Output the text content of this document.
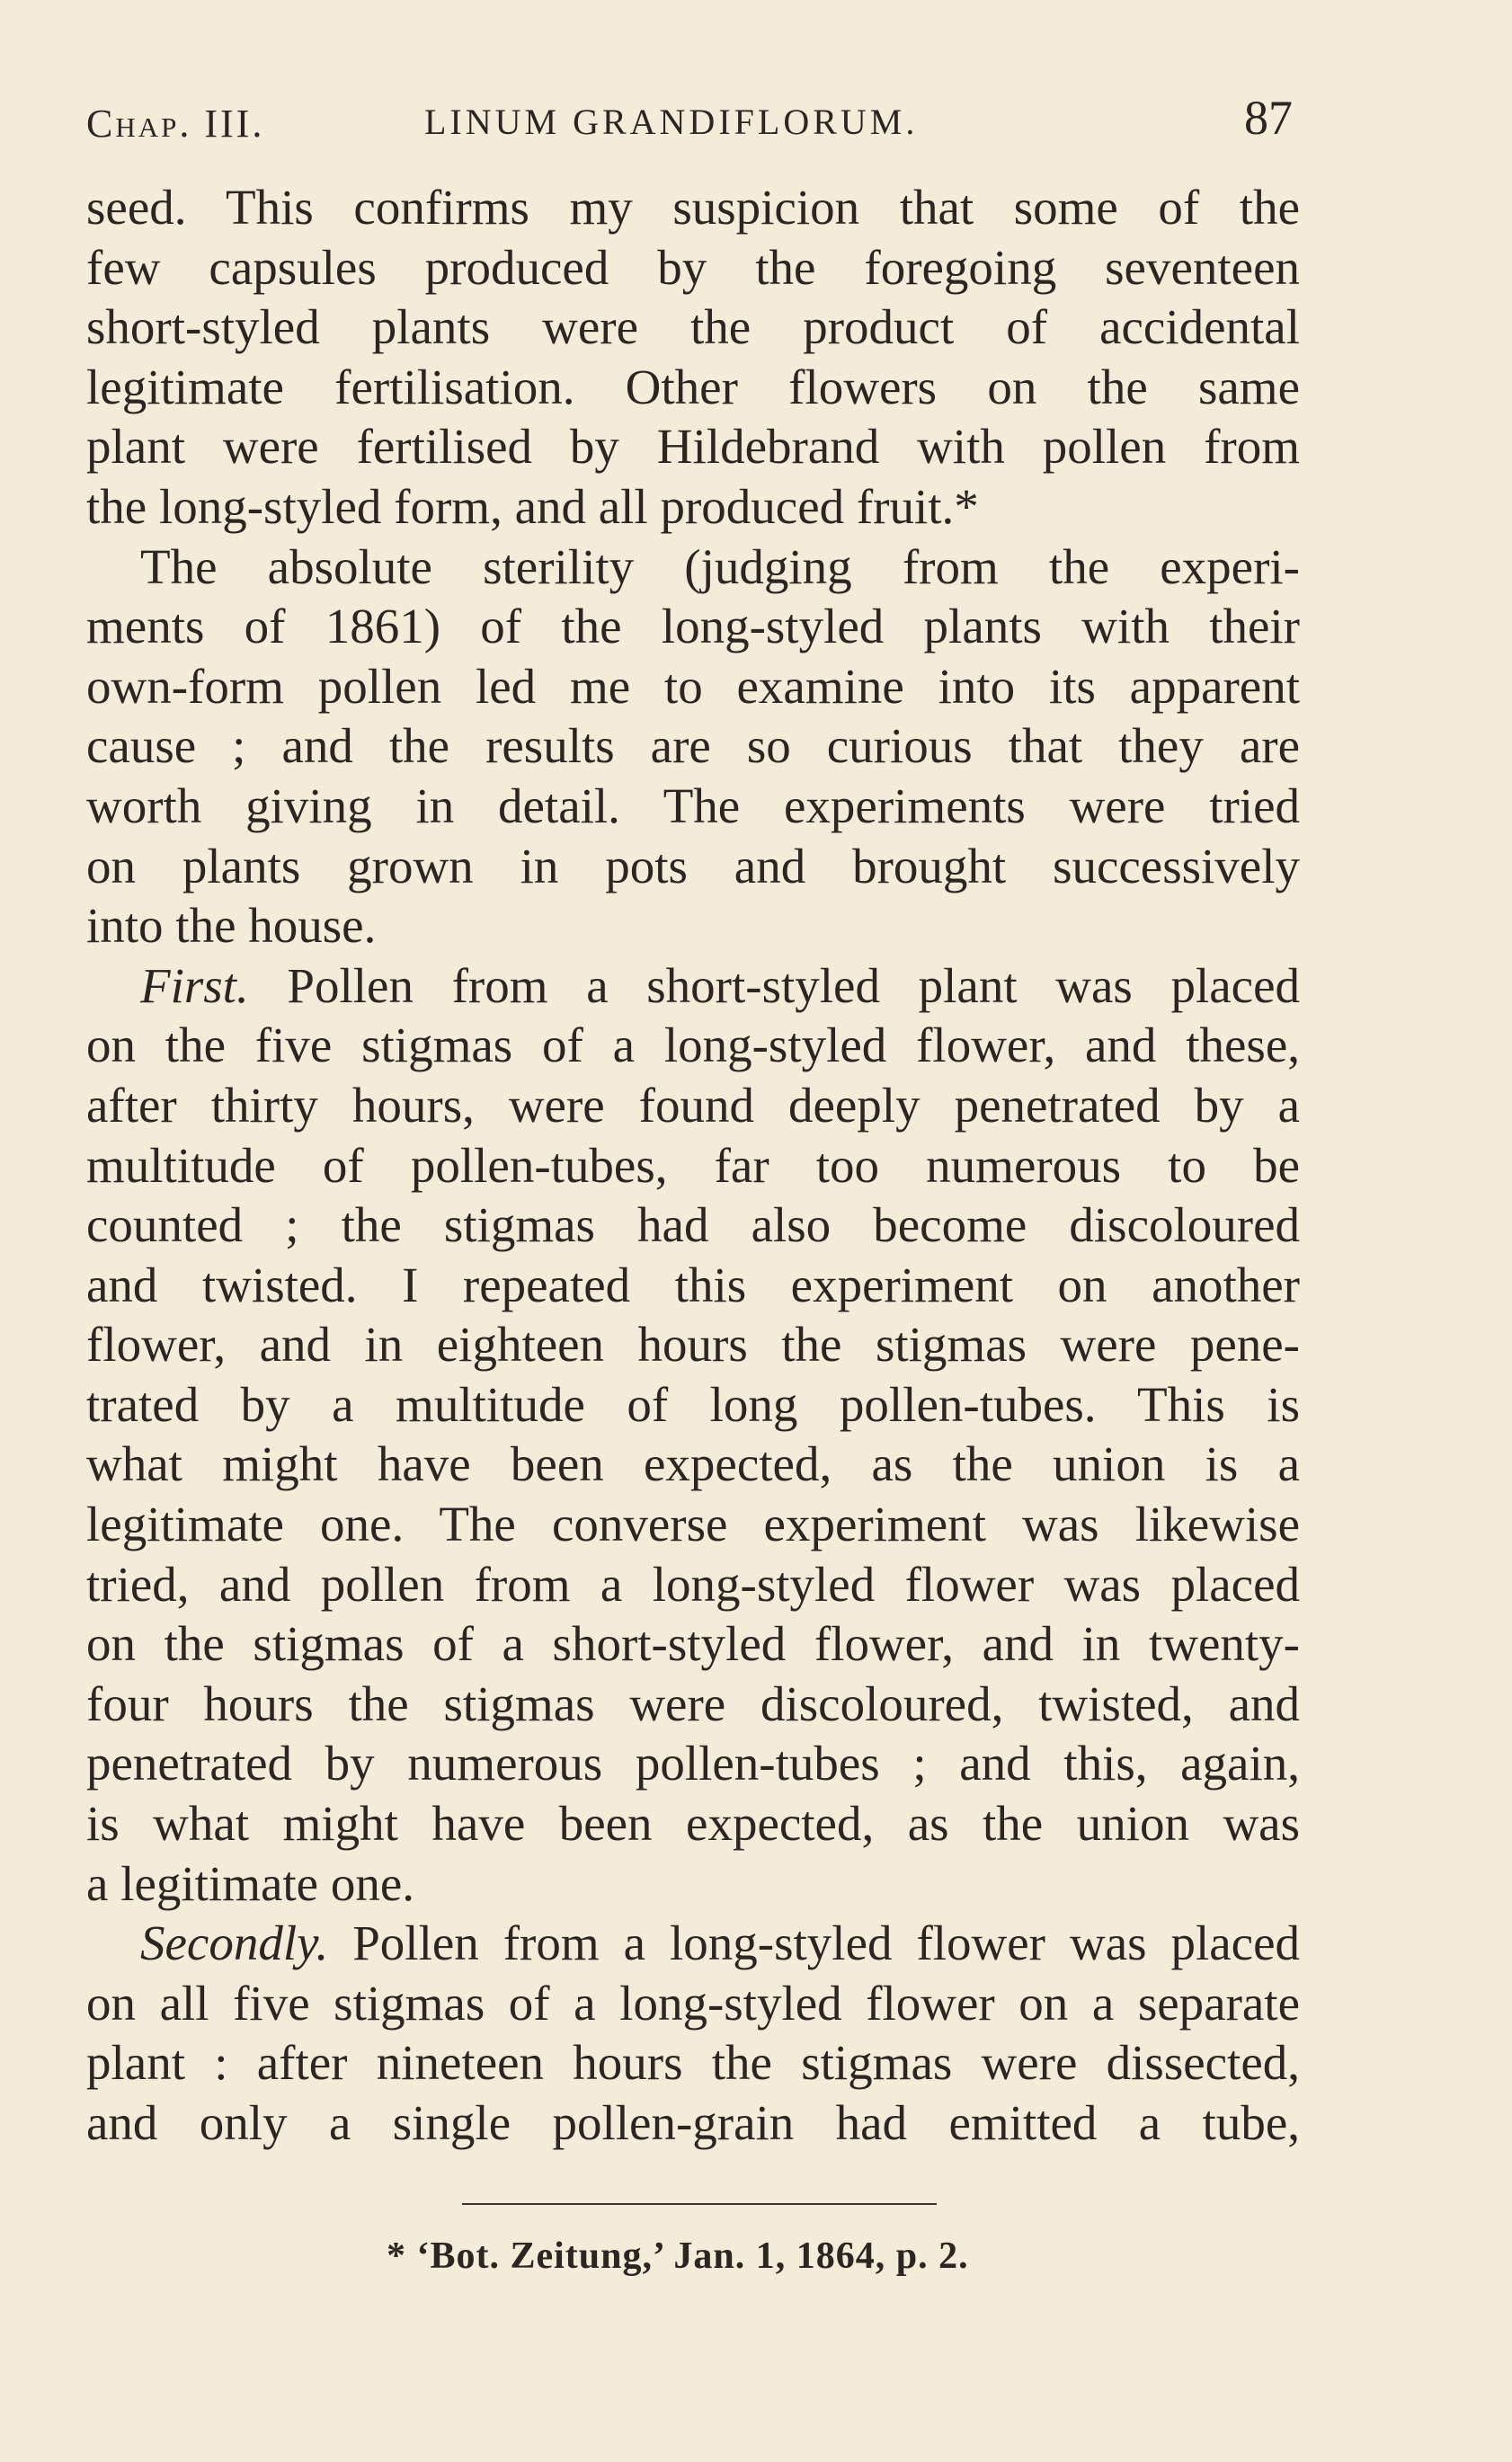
Chap. III.	LINUM GRANDIFLORUM.	87

seed. This confirms my suspicion that some of the
few capsules produced by the foregoing seventeen
short-styled plants were the product of accidental
legitimate fertilisation. Other flowers on the same
plant were fertilised by Hildebrand with pollen from
the long-styled form, and all produced fruit.*

The absolute sterility (judging from the experi-
ments of 1861) of the long-styled plants with their
own-form pollen led me to examine into its apparent
cause ; and the results are so curious that they are
worth giving in detail. The experiments were tried
on plants grown in pots and brought successively
into the house.

First. Pollen from a short-styled plant was placed
on the five stigmas of a long-styled flower, and these,
after thirty hours, were found deeply penetrated by a
multitude of pollen-tubes, far too numerous to be
counted ; the stigmas had also become discoloured
and twisted. I repeated this experiment on another
flower, and in eighteen hours the stigmas were pene-
trated by a multitude of long pollen-tubes. This is
what might have been expected, as the union is a
legitimate one. The converse experiment was likewise
tried, and pollen from a long-styled flower was placed
on the stigmas of a short-styled flower, and in twenty-
four hours the stigmas were discoloured, twisted, and
penetrated by numerous pollen-tubes ; and this, again,
is what might have been expected, as the union was
a legitimate one.

Secondly. Pollen from a long-styled flower was placed
on all five stigmas of a long-styled flower on a separate
plant : after nineteen hours the stigmas were dissected,
and only a single pollen-grain had emitted a tube,

* ‘Bot. Zeitung,’ Jan. 1, 1864, p. 2.
